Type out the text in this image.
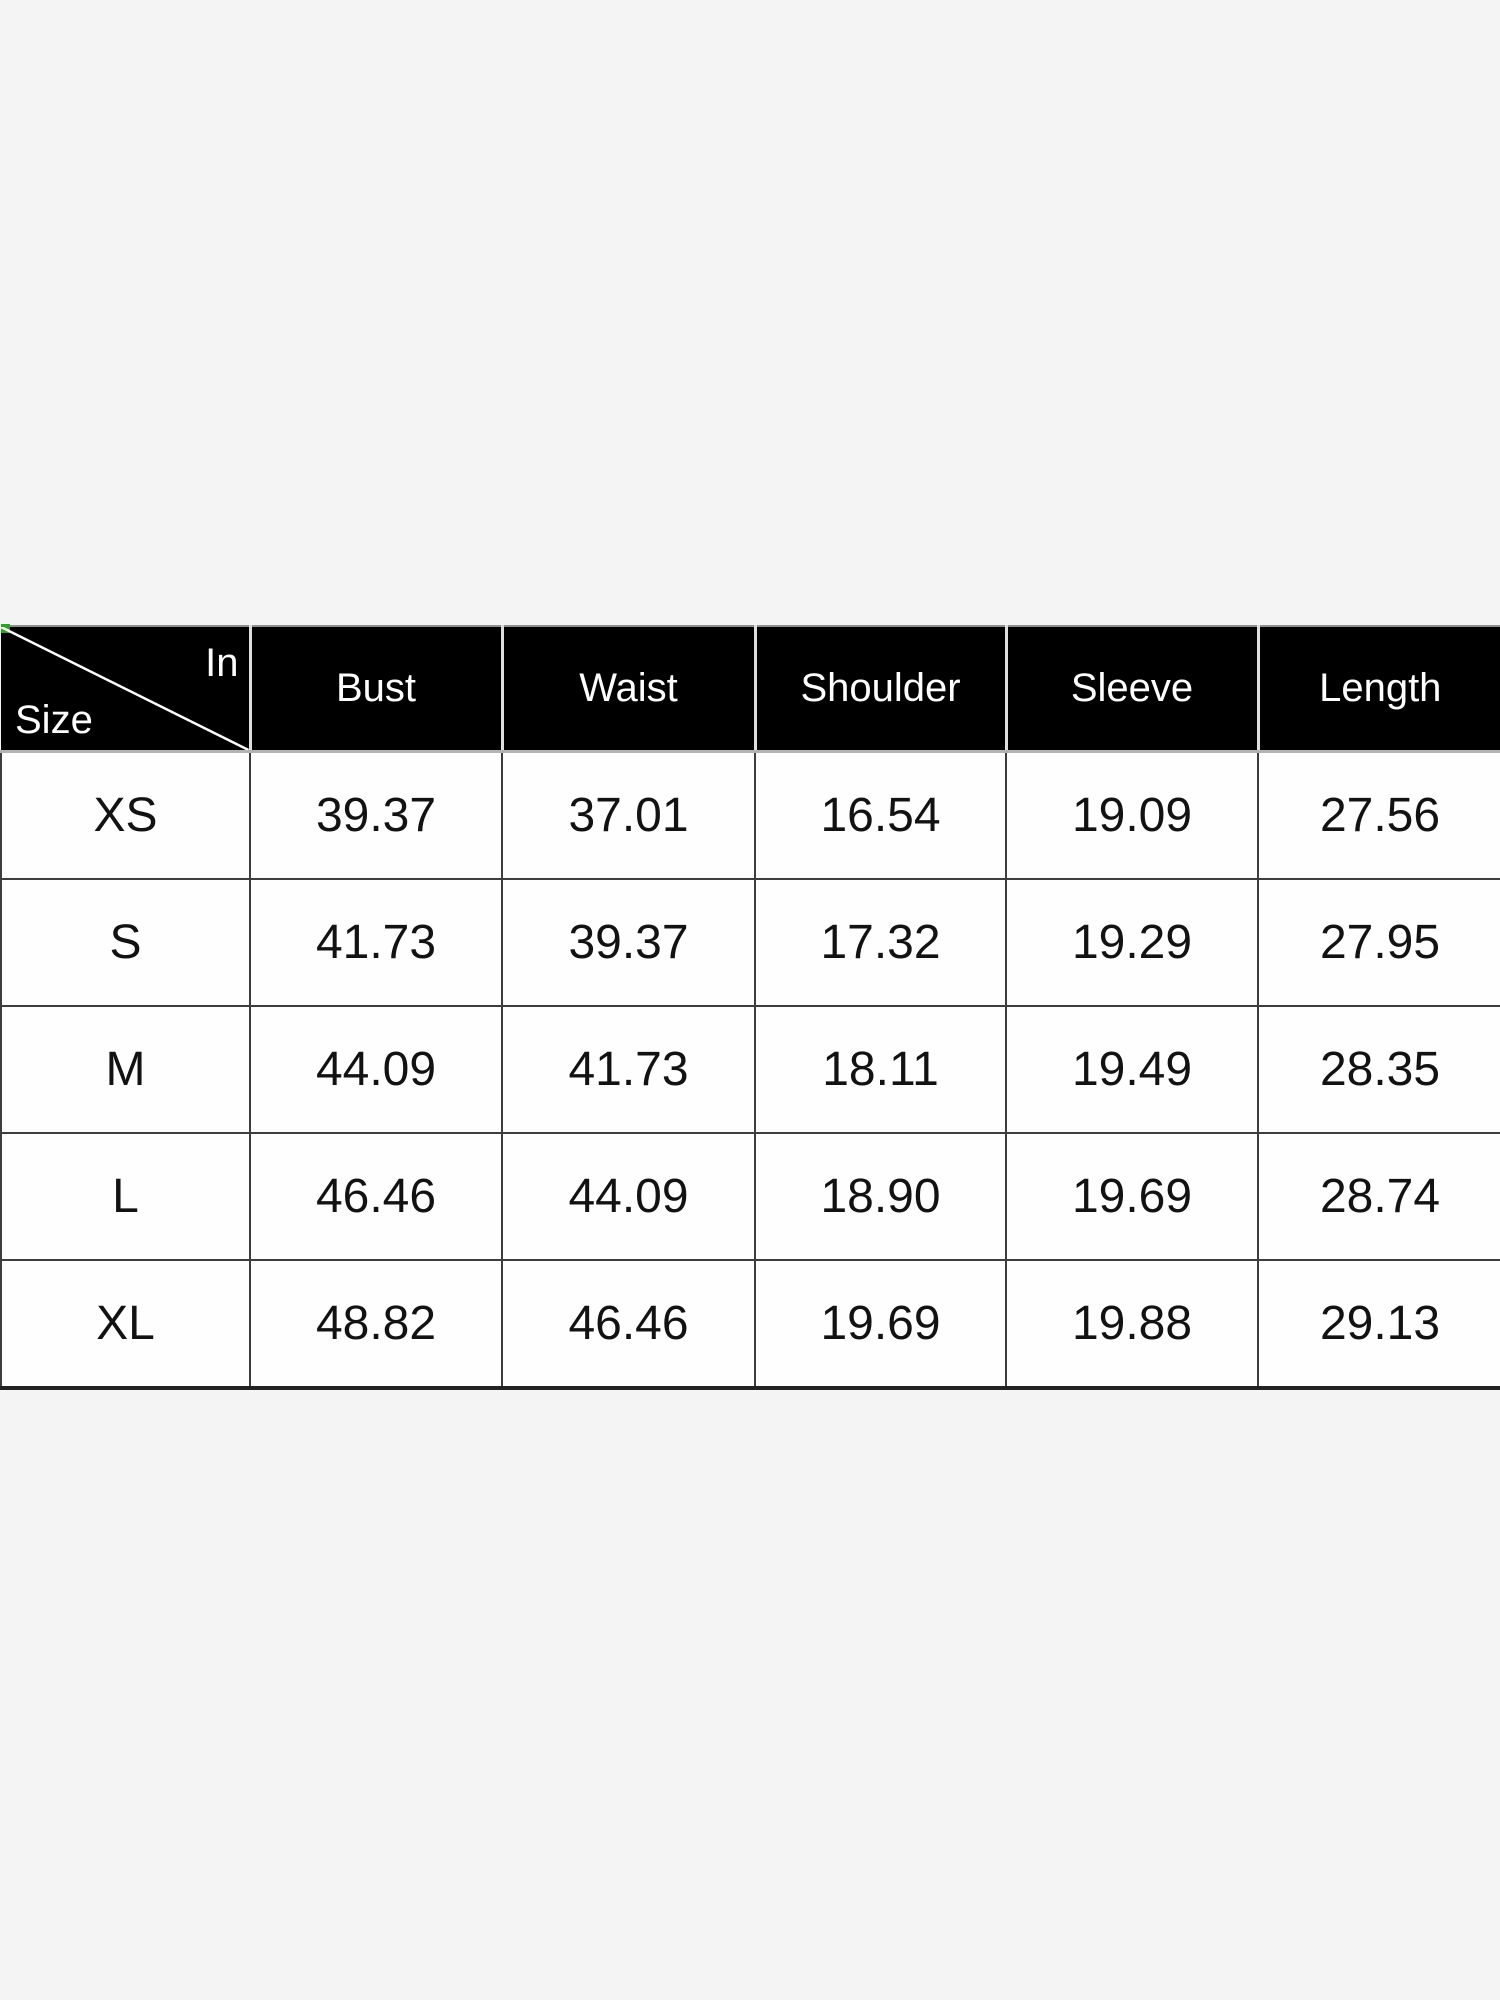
In
Size	Bust	Waist	Shoulder	Sleeve	Length
XS	39.37	37.01	16.54	19.09	27.56
S	41.73	39.37	17.32	19.29	27.95
M	44.09	41.73	18.11	19.49	28.35
L	46.46	44.09	18.90	19.69	28.74
XL	48.82	46.46	19.69	19.88	29.13
